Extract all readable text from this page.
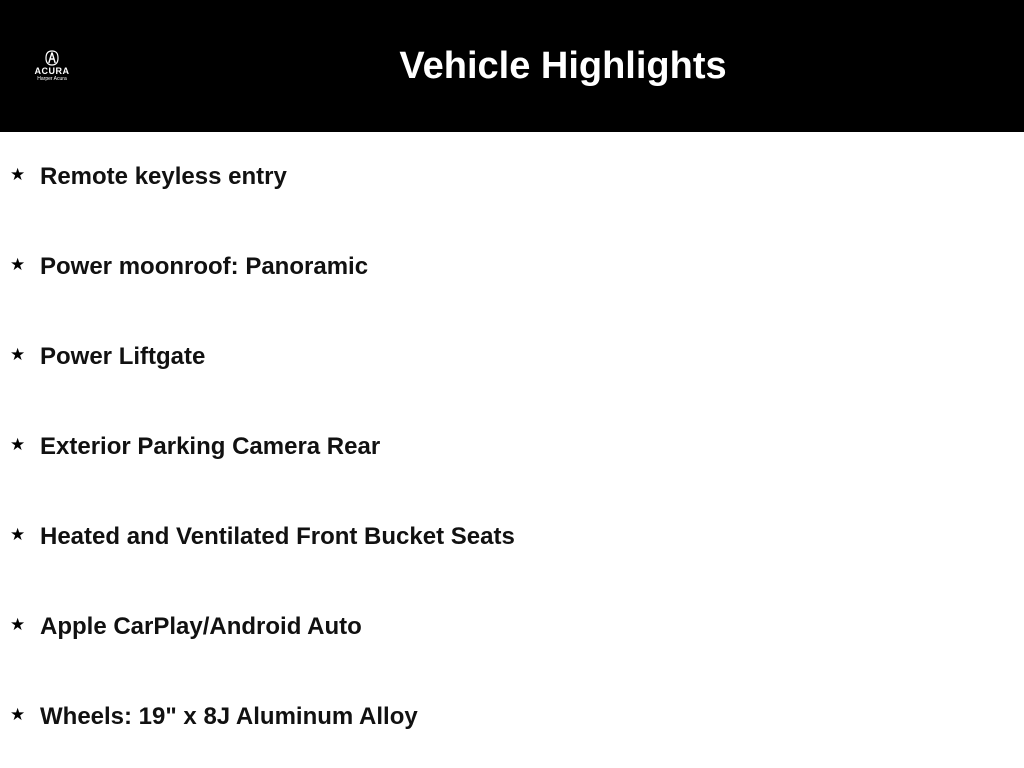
ACURA
Harper Acura	Vehicle Highlights
★ Remote keyless entry
★ Power moonroof: Panoramic
★ Power Liftgate
★ Exterior Parking Camera Rear
★ Heated and Ventilated Front Bucket Seats
★ Apple CarPlay/Android Auto
★ Wheels: 19" x 8J Aluminum Alloy
